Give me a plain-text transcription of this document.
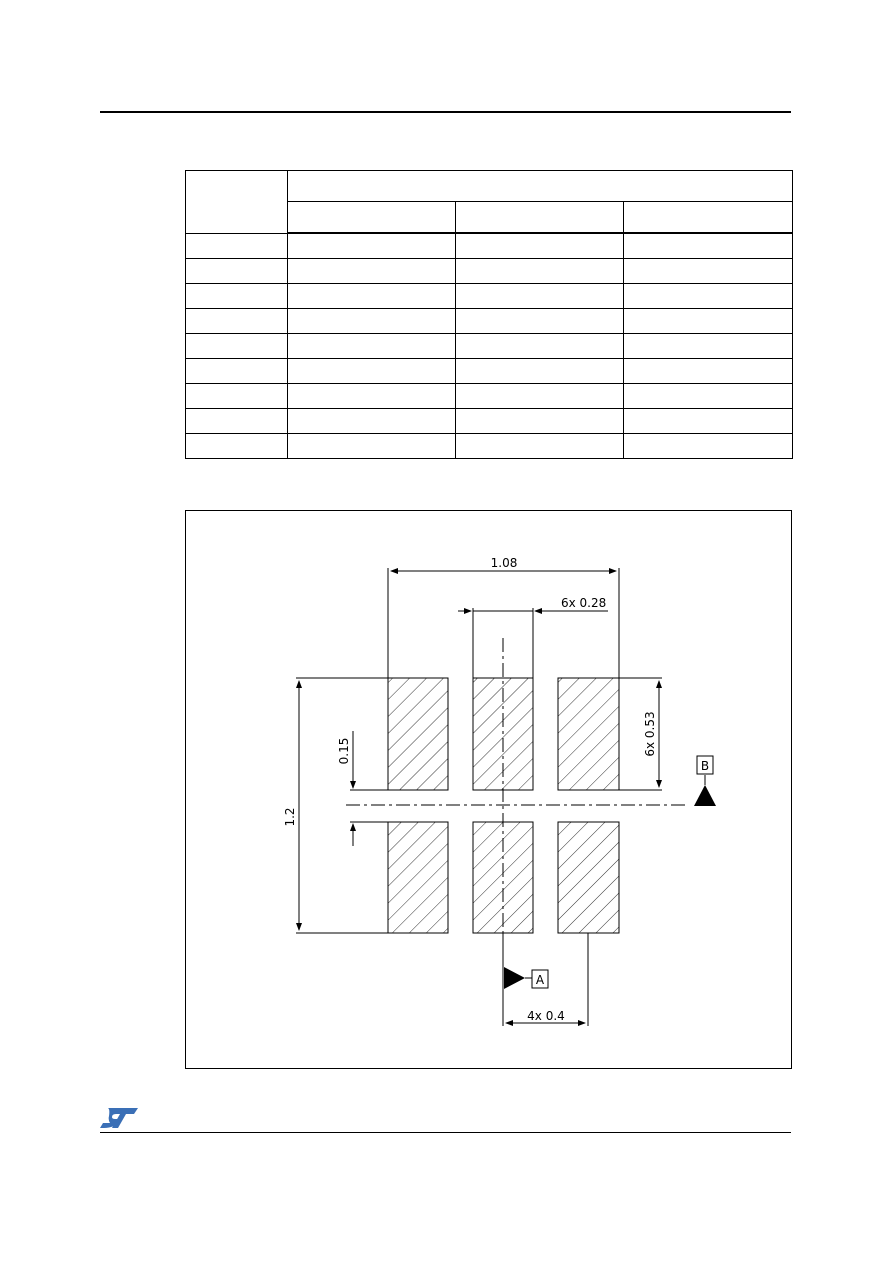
1.08
6x 0.28
6x 0.53
0.15
1.2
4x 0.4
A
B
